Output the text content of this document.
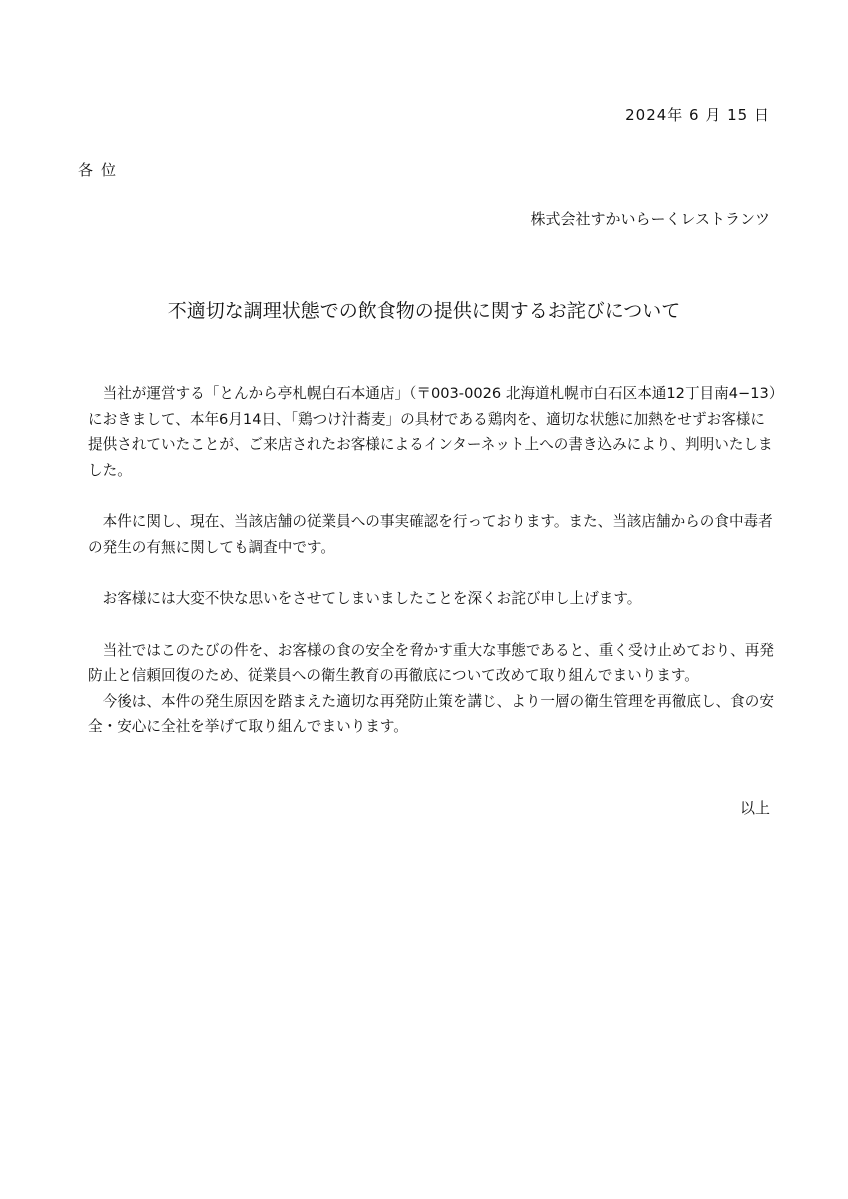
2024年 6 月 15 日
各位
株式会社すかいらーくレストランツ
不適切な調理状態での飲食物の提供に関するお詫びについて

当社が運営する「とんから亭札幌白石本通店」（〒003-0026 北海道札幌市白石区本通12丁目南4−13）におきまして、本年6月14日、「鶏つけ汁蕎麦」の具材である鶏肉を、適切な状態に加熱をせずお客様に提供されていたことが、ご来店されたお客様によるインターネット上への書き込みにより、判明いたしました。

本件に関し、現在、当該店舗の従業員への事実確認を行っております。また、当該店舗からの食中毒者の発生の有無に関しても調査中です。

お客様には大変不快な思いをさせてしまいましたことを深くお詫び申し上げます。

当社ではこのたびの件を、お客様の食の安全を脅かす重大な事態であると、重く受け止めており、再発防止と信頼回復のため、従業員への衛生教育の再徹底について改めて取り組んでまいります。

今後は、本件の発生原因を踏まえた適切な再発防止策を講じ、より一層の衛生管理を再徹底し、食の安全・安心に全社を挙げて取り組んでまいります。

以上
